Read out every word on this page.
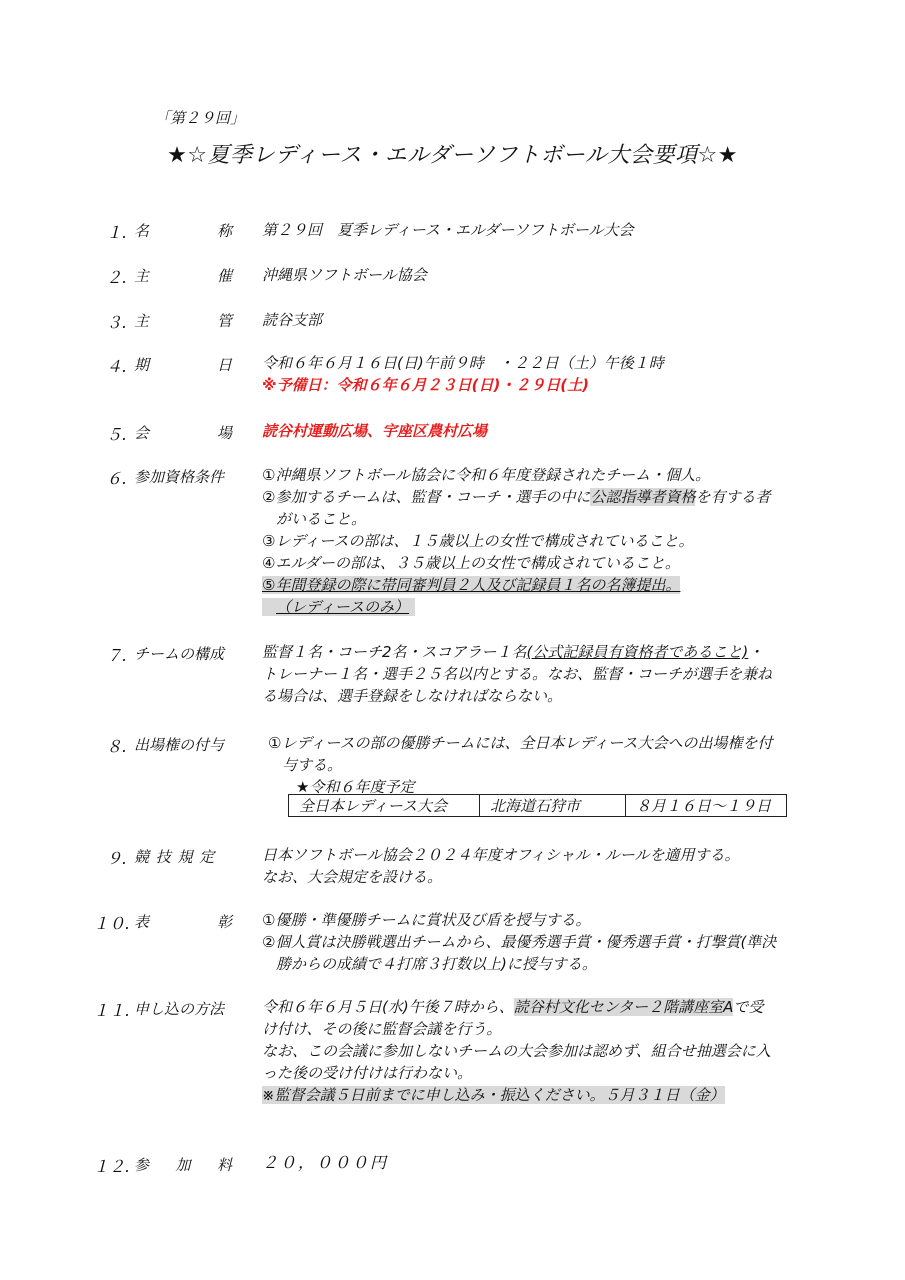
「第２９回」
★☆夏季レディース・エルダーソフトボール大会要項☆★
１. 名	称 第２９回　夏季レディース・エルダーソフトボール大会
２. 主	催 沖縄県ソフトボール協会
３. 主	管 読谷支部
４. 期	日 令和６年６月１６日(日)午前９時　・２２日（土）午後１時
※予備日：令和６年６月２３日(日)・２９日(土)
５. 会	場 読谷村運動広場、宇座区農村広場
６. 参加資格条件	①沖縄県ソフトボール協会に令和６年度登録されたチーム・個人。
②参加するチームは、監督・コーチ・選手の中に公認指導者資格を有する者
がいること。
③レディースの部は、１５歳以上の女性で構成されていること。
④エルダーの部は、３５歳以上の女性で構成されていること。
⑤年間登録の際に帯同審判員２人及び記録員１名の名簿提出。
（レディースのみ）
７. チームの構成	監督１名・コーチ2名・スコアラー１名(公式記録員有資格者であること)・
トレーナー１名・選手２５名以内とする。なお、監督・コーチが選手を兼ね
る場合は、選手登録をしなければならない。
８. 出場権の付与	①レディースの部の優勝チームには、全日本レディース大会への出場権を付
与する。
★令和６年度予定
全日本レディース大会	北海道石狩市	８月１６日～１９日
９. 競 技 規 定	日本ソフトボール協会２０２４年度オフィシャル・ルールを適用する。
なお、大会規定を設ける。
１０. 表	彰 ①優勝・準優勝チームに賞状及び盾を授与する。
②個人賞は決勝戦選出チームから、最優秀選手賞・優秀選手賞・打撃賞(準決
勝からの成績で４打席３打数以上)に授与する。
１１. 申し込の方法	令和６年６月５日(水)午後７時から、読谷村文化センター２階講座室Aで受
け付け、その後に監督会議を行う。
なお、この会議に参加しないチームの大会参加は認めず、組合せ抽選会に入
った後の受け付けは行わない。
※監督会議５日前までに申し込み・振込ください。５月３１日（金）
１２. 参 加 料 ２０，０００円
